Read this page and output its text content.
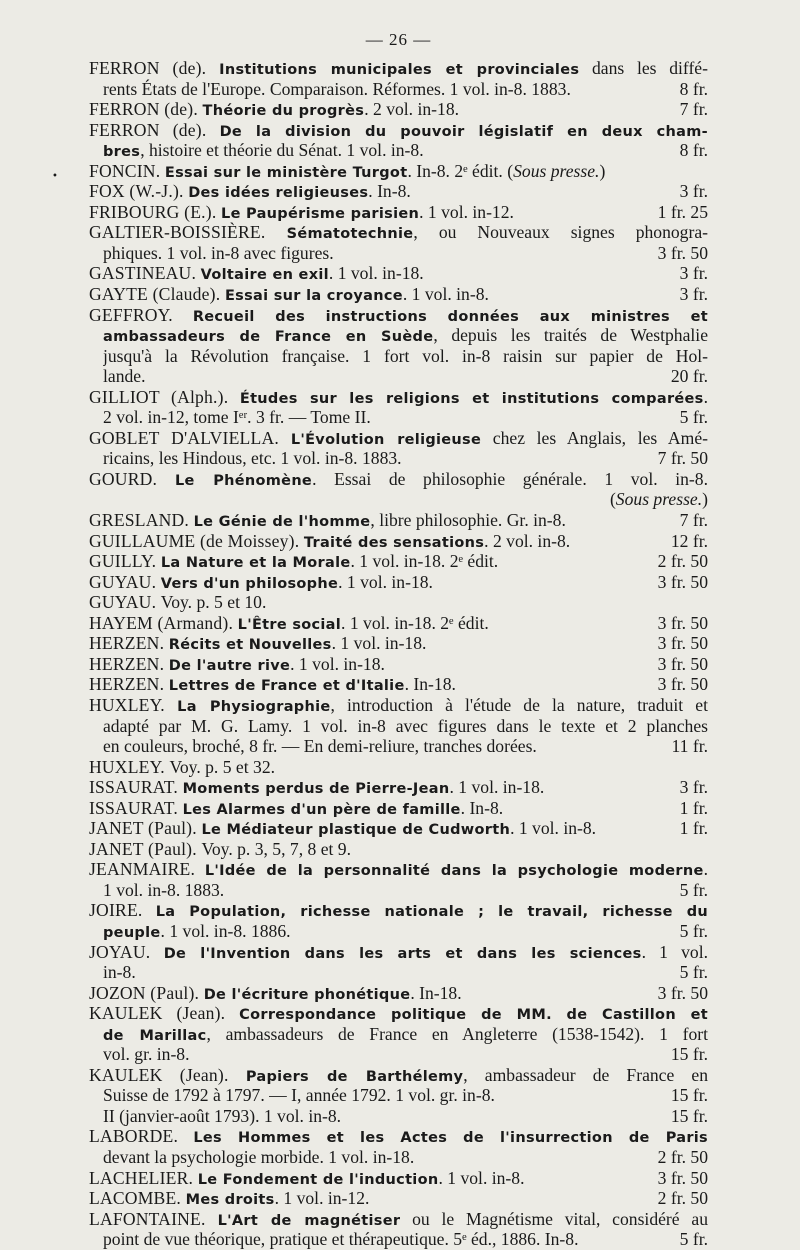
— 26 —
•
FERRON (de). Institutions municipales et provinciales dans les diffé-
rents États de l'Europe. Comparaison. Réformes. 1 vol. in-8. 1883.	8 fr.
FERRON (de). Théorie du progrès. 2 vol. in-18.	7 fr.
FERRON (de). De la division du pouvoir législatif en deux cham-
bres, histoire et théorie du Sénat. 1 vol. in-8.	8 fr.
FONCIN. Essai sur le ministère Turgot. In-8. 2ᵉ édit. (Sous presse.)
FOX (W.-J.). Des idées religieuses. In-8.	3 fr.
FRIBOURG (E.). Le Paupérisme parisien. 1 vol. in-12.	1 fr. 25
GALTIER-BOISSIÈRE. Sématotechnie, ou Nouveaux signes phonogra-
phiques. 1 vol. in-8 avec figures.	3 fr. 50
GASTINEAU. Voltaire en exil. 1 vol. in-18.	3 fr.
GAYTE (Claude). Essai sur la croyance. 1 vol. in-8.	3 fr.
GEFFROY. Recueil des instructions données aux ministres et
ambassadeurs de France en Suède, depuis les traités de Westphalie
jusqu'à la Révolution française. 1 fort vol. in-8 raisin sur papier de Hol-
lande.	20 fr.
GILLIOT (Alph.). Études sur les religions et institutions comparées.
2 vol. in-12, tome Iᵉʳ. 3 fr. — Tome II.	5 fr.
GOBLET D'ALVIELLA. L'Évolution religieuse chez les Anglais, les Amé-
ricains, les Hindous, etc. 1 vol. in-8. 1883.	7 fr. 50
GOURD. Le Phénomène. Essai de philosophie générale. 1 vol. in-8.
(Sous presse.)
GRESLAND. Le Génie de l'homme, libre philosophie. Gr. in-8.	7 fr.
GUILLAUME (de Moissey). Traité des sensations. 2 vol. in-8.	12 fr.
GUILLY. La Nature et la Morale. 1 vol. in-18. 2ᵉ édit.	2 fr. 50
GUYAU. Vers d'un philosophe. 1 vol. in-18.	3 fr. 50
GUYAU. Voy. p. 5 et 10.
HAYEM (Armand). L'Être social. 1 vol. in-18. 2ᵉ édit.	3 fr. 50
HERZEN. Récits et Nouvelles. 1 vol. in-18.	3 fr. 50
HERZEN. De l'autre rive. 1 vol. in-18.	3 fr. 50
HERZEN. Lettres de France et d'Italie. In-18.	3 fr. 50
HUXLEY. La Physiographie, introduction à l'étude de la nature, traduit et
adapté par M. G. Lamy. 1 vol. in-8 avec figures dans le texte et 2 planches
en couleurs, broché, 8 fr. — En demi-reliure, tranches dorées.	11 fr.
HUXLEY. Voy. p. 5 et 32.
ISSAURAT. Moments perdus de Pierre-Jean. 1 vol. in-18.	3 fr.
ISSAURAT. Les Alarmes d'un père de famille. In-8.	1 fr.
JANET (Paul). Le Médiateur plastique de Cudworth. 1 vol. in-8.	1 fr.
JANET (Paul). Voy. p. 3, 5, 7, 8 et 9.
JEANMAIRE. L'Idée de la personnalité dans la psychologie moderne.
1 vol. in-8. 1883.	5 fr.
JOIRE. La Population, richesse nationale ; le travail, richesse du
peuple. 1 vol. in-8. 1886.	5 fr.
JOYAU. De l'Invention dans les arts et dans les sciences. 1 vol.
in-8.	5 fr.
JOZON (Paul). De l'écriture phonétique. In-18.	3 fr. 50
KAULEK (Jean). Correspondance politique de MM. de Castillon et
de Marillac, ambassadeurs de France en Angleterre (1538-1542). 1 fort
vol. gr. in-8.	15 fr.
KAULEK (Jean). Papiers de Barthélemy, ambassadeur de France en
Suisse de 1792 à 1797. — I, année 1792. 1 vol. gr. in-8.	15 fr.
II (janvier-août 1793). 1 vol. in-8.	15 fr.
LABORDE. Les Hommes et les Actes de l'insurrection de Paris
devant la psychologie morbide. 1 vol. in-18.	2 fr. 50
LACHELIER. Le Fondement de l'induction. 1 vol. in-8.	3 fr. 50
LACOMBE. Mes droits. 1 vol. in-12.	2 fr. 50
LAFONTAINE. L'Art de magnétiser ou le Magnétisme vital, considéré au
point de vue théorique, pratique et thérapeutique. 5ᵉ éd., 1886. In-8.	5 fr.
